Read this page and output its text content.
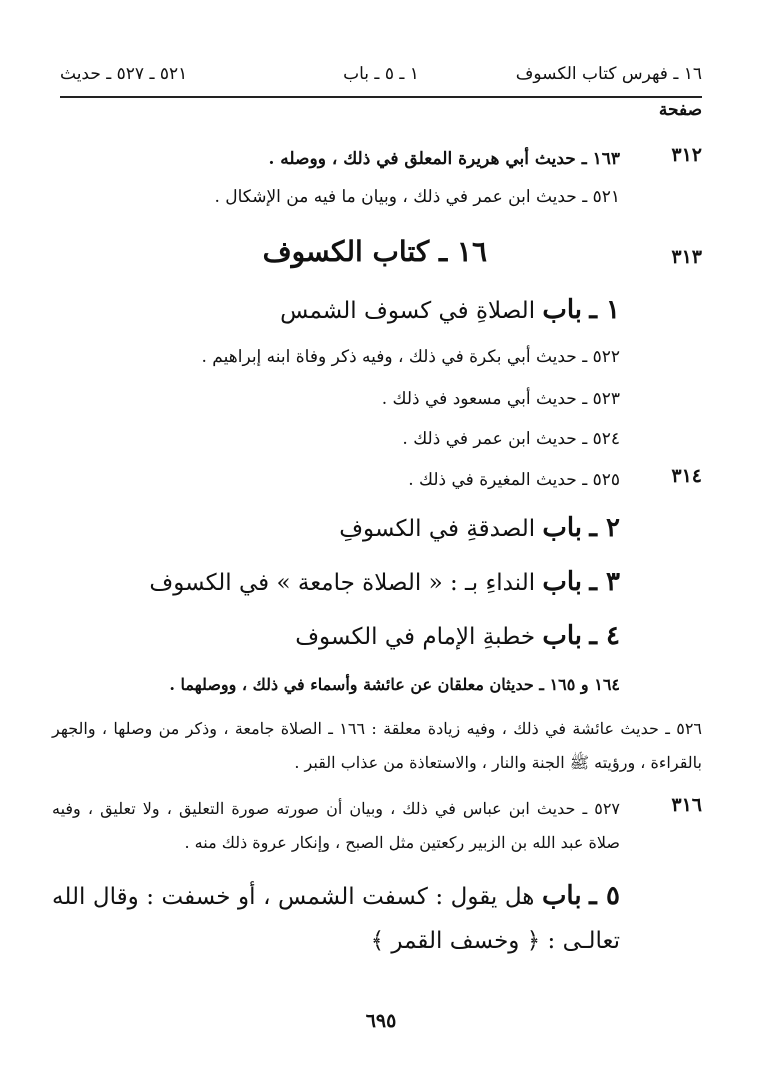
١٦ ـ فهرس كتاب الكسوف
١ ـ ٥ ـ باب
٥٢١ ـ ٥٢٧ ـ حديث
صفحة
٣١٢
١٦٣ ـ حديث أبي هريرة المعلق في ذلك ، ووصله .
٥٢١ ـ حديث ابن عمر في ذلك ، وبيان ما فيه من الإشكال .
٣١٣
١٦ ـ كتاب الكسوف
١ ـ باب الصلاةِ في كسوف الشمس
٥٢٢ ـ حديث أبي بكرة في ذلك ، وفيه ذكر وفاة ابنه إبراهيم .
٥٢٣ ـ حديث أبي مسعود في ذلك .
٥٢٤ ـ حديث ابن عمر في ذلك .
٣١٤
٥٢٥ ـ حديث المغيرة في ذلك .
٢ ـ باب الصدقةِ في الكسوفِ
٣ ـ باب النداءِ بـ : « الصلاة جامعة » في الكسوف
٤ ـ باب خطبةِ الإمام في الكسوف
١٦٤ و ١٦٥ ـ حديثان معلقان عن عائشة وأسماء في ذلك ، ووصلهما .
٥٢٦ ـ حديث عائشة في ذلك ، وفيه زيادة معلقة : ١٦٦ ـ الصلاة جامعة ، وذكر من وصلها ، والجهر بالقراءة ، ورؤيته ﷺ الجنة والنار ، والاستعاذة من عذاب القبر .
٣١٦
٥٢٧ ـ حديث ابن عباس في ذلك ، وبيان أن صورته صورة التعليق ، ولا تعليق ، وفيه صلاة عبد الله بن الزبير ركعتين مثل الصبح ، وإنكار عروة ذلك منه .
٥ ـ باب هل يقول : كسفت الشمس ، أو خسفت : وقال الله تعالـى : ﴿ وخسف القمر ﴾
٦٩٥
